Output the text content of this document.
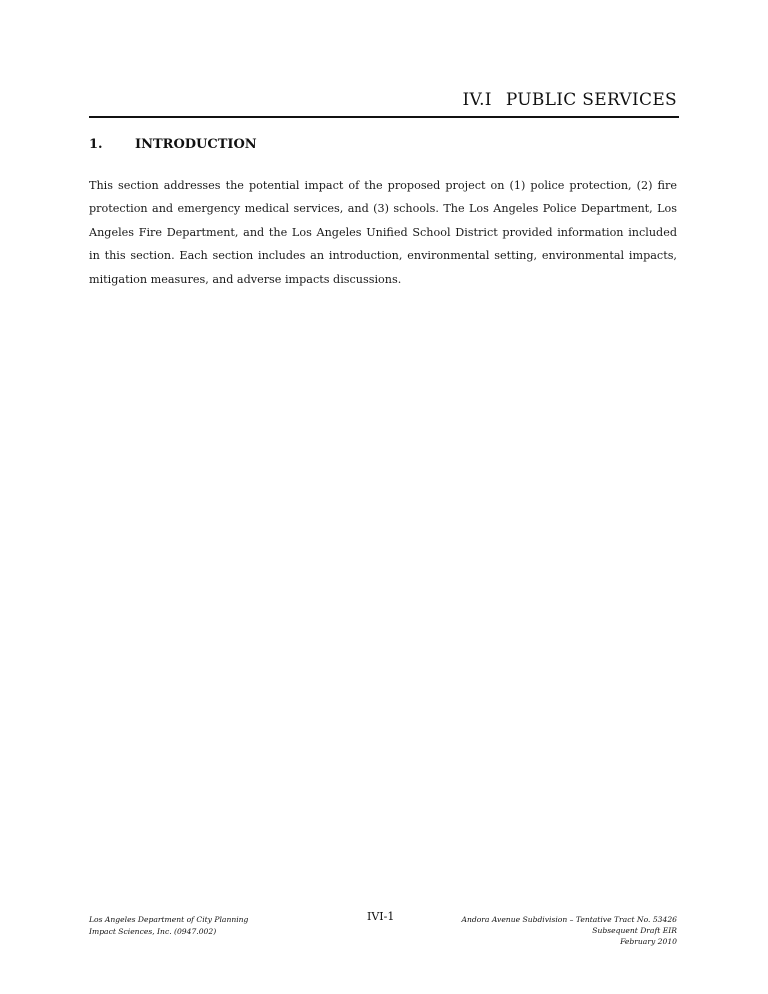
IV.I PUBLIC SERVICES
1. INTRODUCTION

This section addresses the potential impact of the proposed project on (1) police protection, (2) fire protection and emergency medical services, and (3) schools. The Los Angeles Police Department, Los Angeles Fire Department, and the Los Angeles Unified School District provided information included in this section. Each section includes an introduction, environmental setting, environmental impacts, mitigation measures, and adverse impacts discussions.

Los Angeles Department of City Planning
Impact Sciences, Inc. (0947.002)
IVI-1	Andora Avenue Subdivision – Tentative Tract No. 53426
Subsequent Draft EIR
February 2010
